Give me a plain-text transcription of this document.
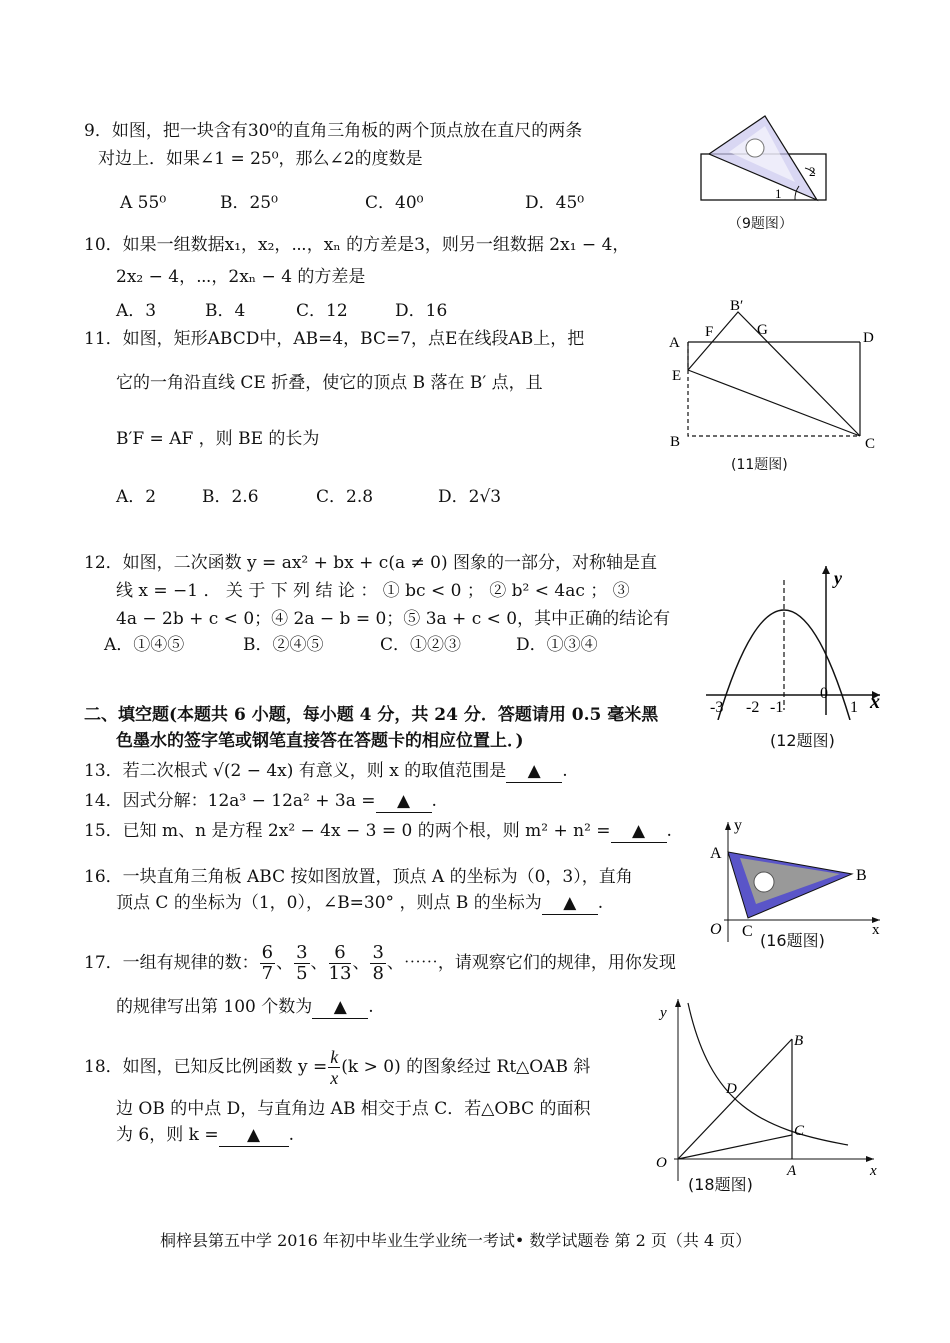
9．如图，把一块含有30⁰的直角三角板的两个顶点放在直尺的两条
对边上．如果∠1 = 25⁰，那么∠2的度数是
A 55⁰	B．25⁰	C．40⁰	D．45⁰	1
2
（9题图）
10．如果一组数据x₁，x₂，⋯，xₙ 的方差是3，则另一组数据 2x₁ − 4，
2x₂ − 4，⋯，2xₙ − 4 的方差是
A．3	B．4	C．12	D．16
11．如图，矩形ABCD中，AB=4，BC=7，点E在线段AB上，把
它的一角沿直线 CE 折叠，使它的顶点 B 落在 B′ 点，且
B′F = AF ，则 BE 的长为
A．2	B．2.6	C．2.8	D．2√3
B′
F	G
A	D
E
B	C
(11题图)
12．如图，二次函数 y = ax² + bx + c(a ≠ 0) 图象的一部分，对称轴是直
线 x = −1 ． 关 于 下 列 结 论 ： ① bc < 0 ； ② b² < 4ac ； ③
4a − 2b + c < 0；④ 2a − b = 0；⑤ 3a + c < 0，其中正确的结论有
A．①④⑤	B．②④⑤	C．①②③	D．①③④
y
x
-3 -2 -1
0
1
(12题图)
二、填空题(本题共 6 小题，每小题 4 分，共 24 分．答题请用 0.5 毫米黑
色墨水的签字笔或钢笔直接答在答题卡的相应位置上．)
13．若二次根式 √(2 − 4x) 有意义，则 x 的取值范围是 ▲ .
14．因式分解：12a³ − 12a² + 3a = ▲ .
15．已知 m、n 是方程 2x² − 4x − 3 = 0 的两个根，则 m² + n² = ▲ .
16．一块直角三角板 ABC 按如图放置，顶点 A 的坐标为（0，3），直角
顶点 C 的坐标为（1，0），∠B=30° ，则点 B 的坐标为 ▲ .
y
A
B
O C	x
(16题图)
17．一组有规律的数： $\frac{6}{7}$ 、 $\frac{3}{5}$ 、 $\frac{6}{13}$ 、 $\frac{3}{8}$ 、⋯⋯，请观察它们的规律，用你发现
的规律写出第 100 个数为 ▲ .
18．如图，已知反比例函数 $y = \frac{k}{x} (k > 0)$ 的图象经过 Rt△OAB 斜
边 OB 的中点 D，与直角边 AB 相交于点 C．若△OBC 的面积
为 6，则 k = ▲ .
y
B
D
C
O	A	x
(18题图)
桐梓县第五中学 2016 年初中毕业生学业统一考试• 数学试题卷 第 2 页（共 4 页）
